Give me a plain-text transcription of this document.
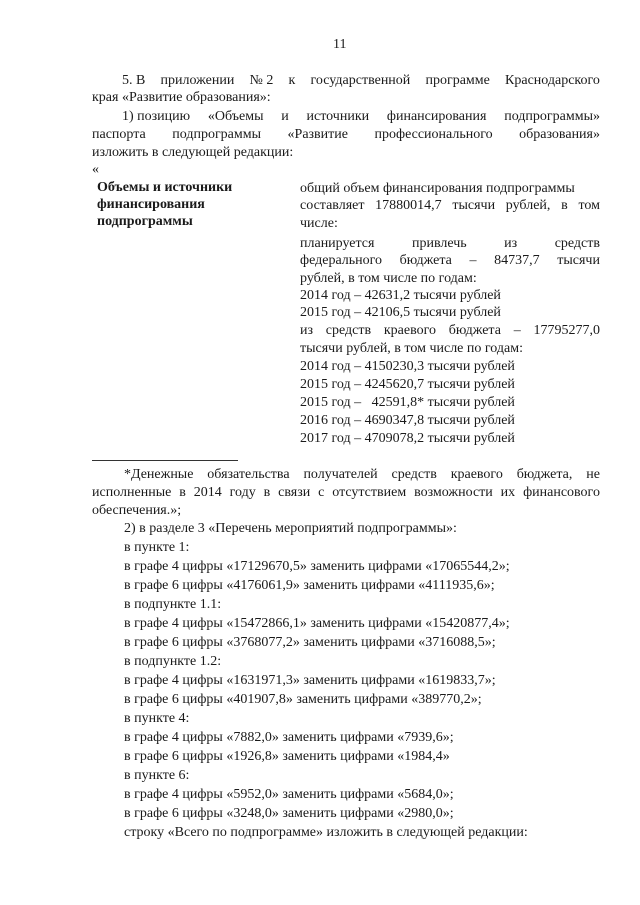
11
5. В приложении № 2 к государственной программе Краснодарского
края «Развитие образования»:
1) позицию «Объемы и источники финансирования подпрограммы»
паспорта подпрограммы «Развитие профессионального образования»
изложить в следующей редакции:
«
Объемы и источники
финансирования
подпрограммы
общий объем финансирования подпрограммы
составляет 17880014,7 тысячи рублей, в том
числе:
планируется	привлечь	из	средств
федерального бюджета – 84737,7 тысячи
рублей, в том числе по годам:
2014 год – 42631,2 тысячи рублей
2015 год – 42106,5 тысячи рублей
из средств краевого бюджета – 17795277,0
тысячи рублей, в том числе по годам:
2014 год – 4150230,3 тысячи рублей
2015 год – 4245620,7 тысячи рублей
2015 год –   42591,8* тысячи рублей
2016 год – 4690347,8 тысячи рублей
2017 год – 4709078,2 тысячи рублей
*Денежные обязательства получателей средств краевого бюджета, не
исполненные в 2014 году в связи с отсутствием возможности их финансового
обеспечения.»;
2) в разделе 3 «Перечень мероприятий подпрограммы»:
в пункте 1:
в графе 4 цифры «17129670,5» заменить цифрами «17065544,2»;
в графе 6 цифры «4176061,9» заменить цифрами «4111935,6»;
в подпункте 1.1:
в графе 4 цифры «15472866,1» заменить цифрами «15420877,4»;
в графе 6 цифры «3768077,2» заменить цифрами «3716088,5»;
в подпункте 1.2:
в графе 4 цифры «1631971,3» заменить цифрами «1619833,7»;
в графе 6 цифры «401907,8» заменить цифрами «389770,2»;
в пункте 4:
в графе 4 цифры «7882,0» заменить цифрами «7939,6»;
в графе 6 цифры «1926,8» заменить цифрами «1984,4»
в пункте 6:
в графе 4 цифры «5952,0» заменить цифрами «5684,0»;
в графе 6 цифры «3248,0» заменить цифрами «2980,0»;
строку «Всего по подпрограмме» изложить в следующей редакции:
